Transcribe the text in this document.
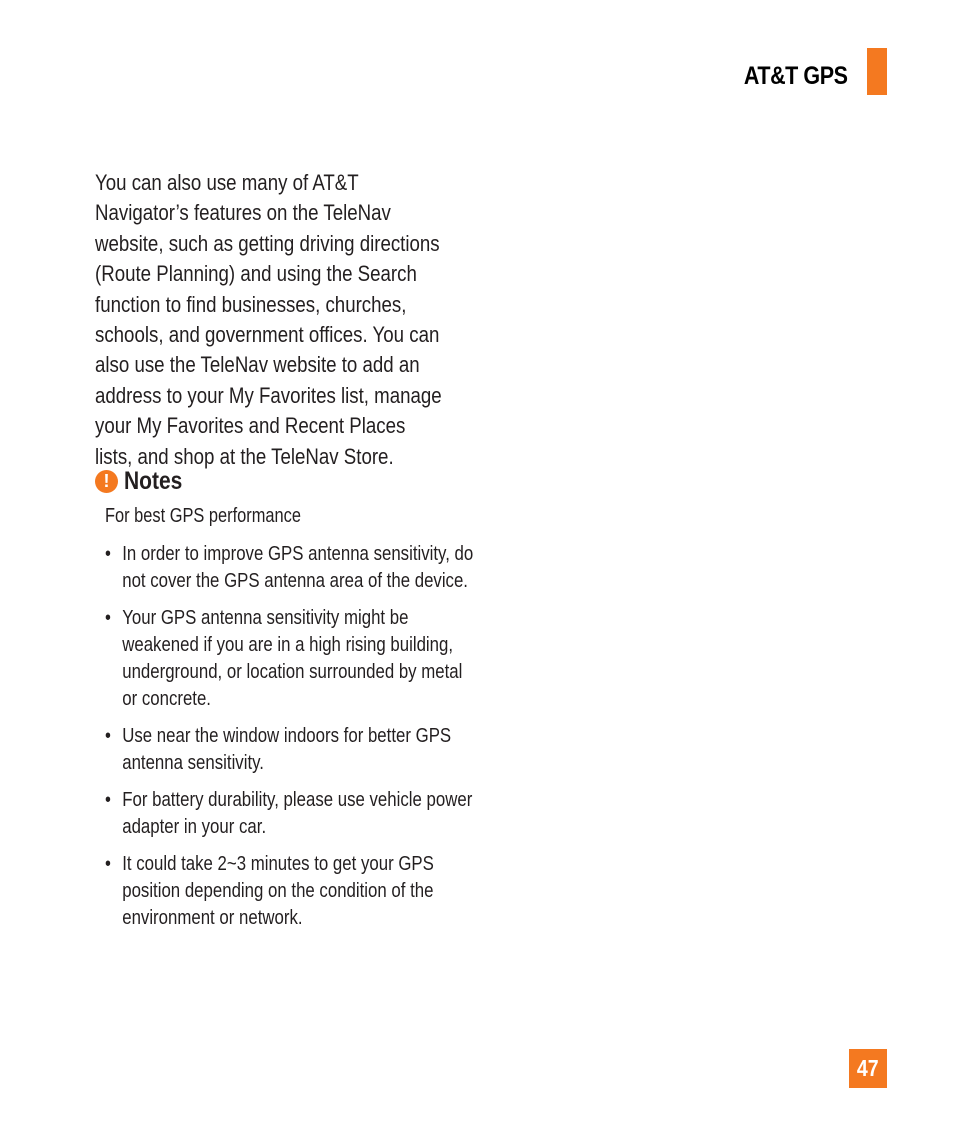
AT&T GPS
You can also use many of AT&T Navigator’s features on the TeleNav website, such as getting driving directions (Route Planning) and using the Search function to find businesses, churches, schools, and government offices. You can also use the TeleNav website to add an address to your My Favorites list, manage your My Favorites and Recent Places lists, and shop at the TeleNav Store.
! Notes
For best GPS performance
• In order to improve GPS antenna sensitivity, do not cover the GPS antenna area of the device.
• Your GPS antenna sensitivity might be weakened if you are in a high rising building, underground, or location surrounded by metal or concrete.
• Use near the window indoors for better GPS antenna sensitivity.
• For battery durability, please use vehicle power adapter in your car.
• It could take 2~3 minutes to get your GPS position depending on the condition of the environment or network.
47
